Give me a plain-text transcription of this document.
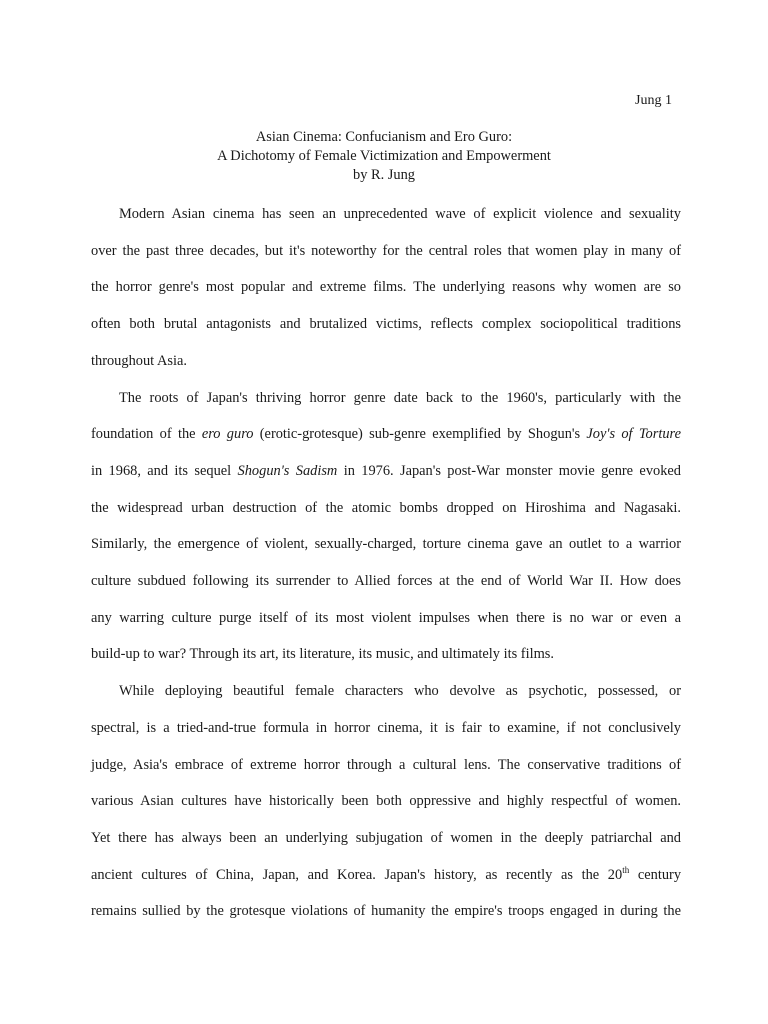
Jung 1
Asian Cinema: Confucianism and Ero Guro:
A Dichotomy of Female Victimization and Empowerment
by R. Jung
Modern Asian cinema has seen an unprecedented wave of explicit violence and sexuality
over the past three decades, but it's noteworthy for the central roles that women play in many of
the horror genre's most popular and extreme films. The underlying reasons why women are so
often both brutal antagonists and brutalized victims, reflects complex sociopolitical traditions
throughout Asia.
The roots of Japan's thriving horror genre date back to the 1960's, particularly with the
foundation of the ero guro (erotic-grotesque) sub-genre exemplified by Shogun's Joy's of Torture
in 1968, and its sequel Shogun's Sadism in 1976. Japan's post-War monster movie genre evoked
the widespread urban destruction of the atomic bombs dropped on Hiroshima and Nagasaki.
Similarly, the emergence of violent, sexually-charged, torture cinema gave an outlet to a warrior
culture subdued following its surrender to Allied forces at the end of World War II. How does
any warring culture purge itself of its most violent impulses when there is no war or even a
build-up to war? Through its art, its literature, its music, and ultimately its films.
While deploying beautiful female characters who devolve as psychotic, possessed, or
spectral, is a tried-and-true formula in horror cinema, it is fair to examine, if not conclusively
judge, Asia's embrace of extreme horror through a cultural lens. The conservative traditions of
various Asian cultures have historically been both oppressive and highly respectful of women.
Yet there has always been an underlying subjugation of women in the deeply patriarchal and
ancient cultures of China, Japan, and Korea. Japan's history, as recently as the 20th century
remains sullied by the grotesque violations of humanity the empire's troops engaged in during the
